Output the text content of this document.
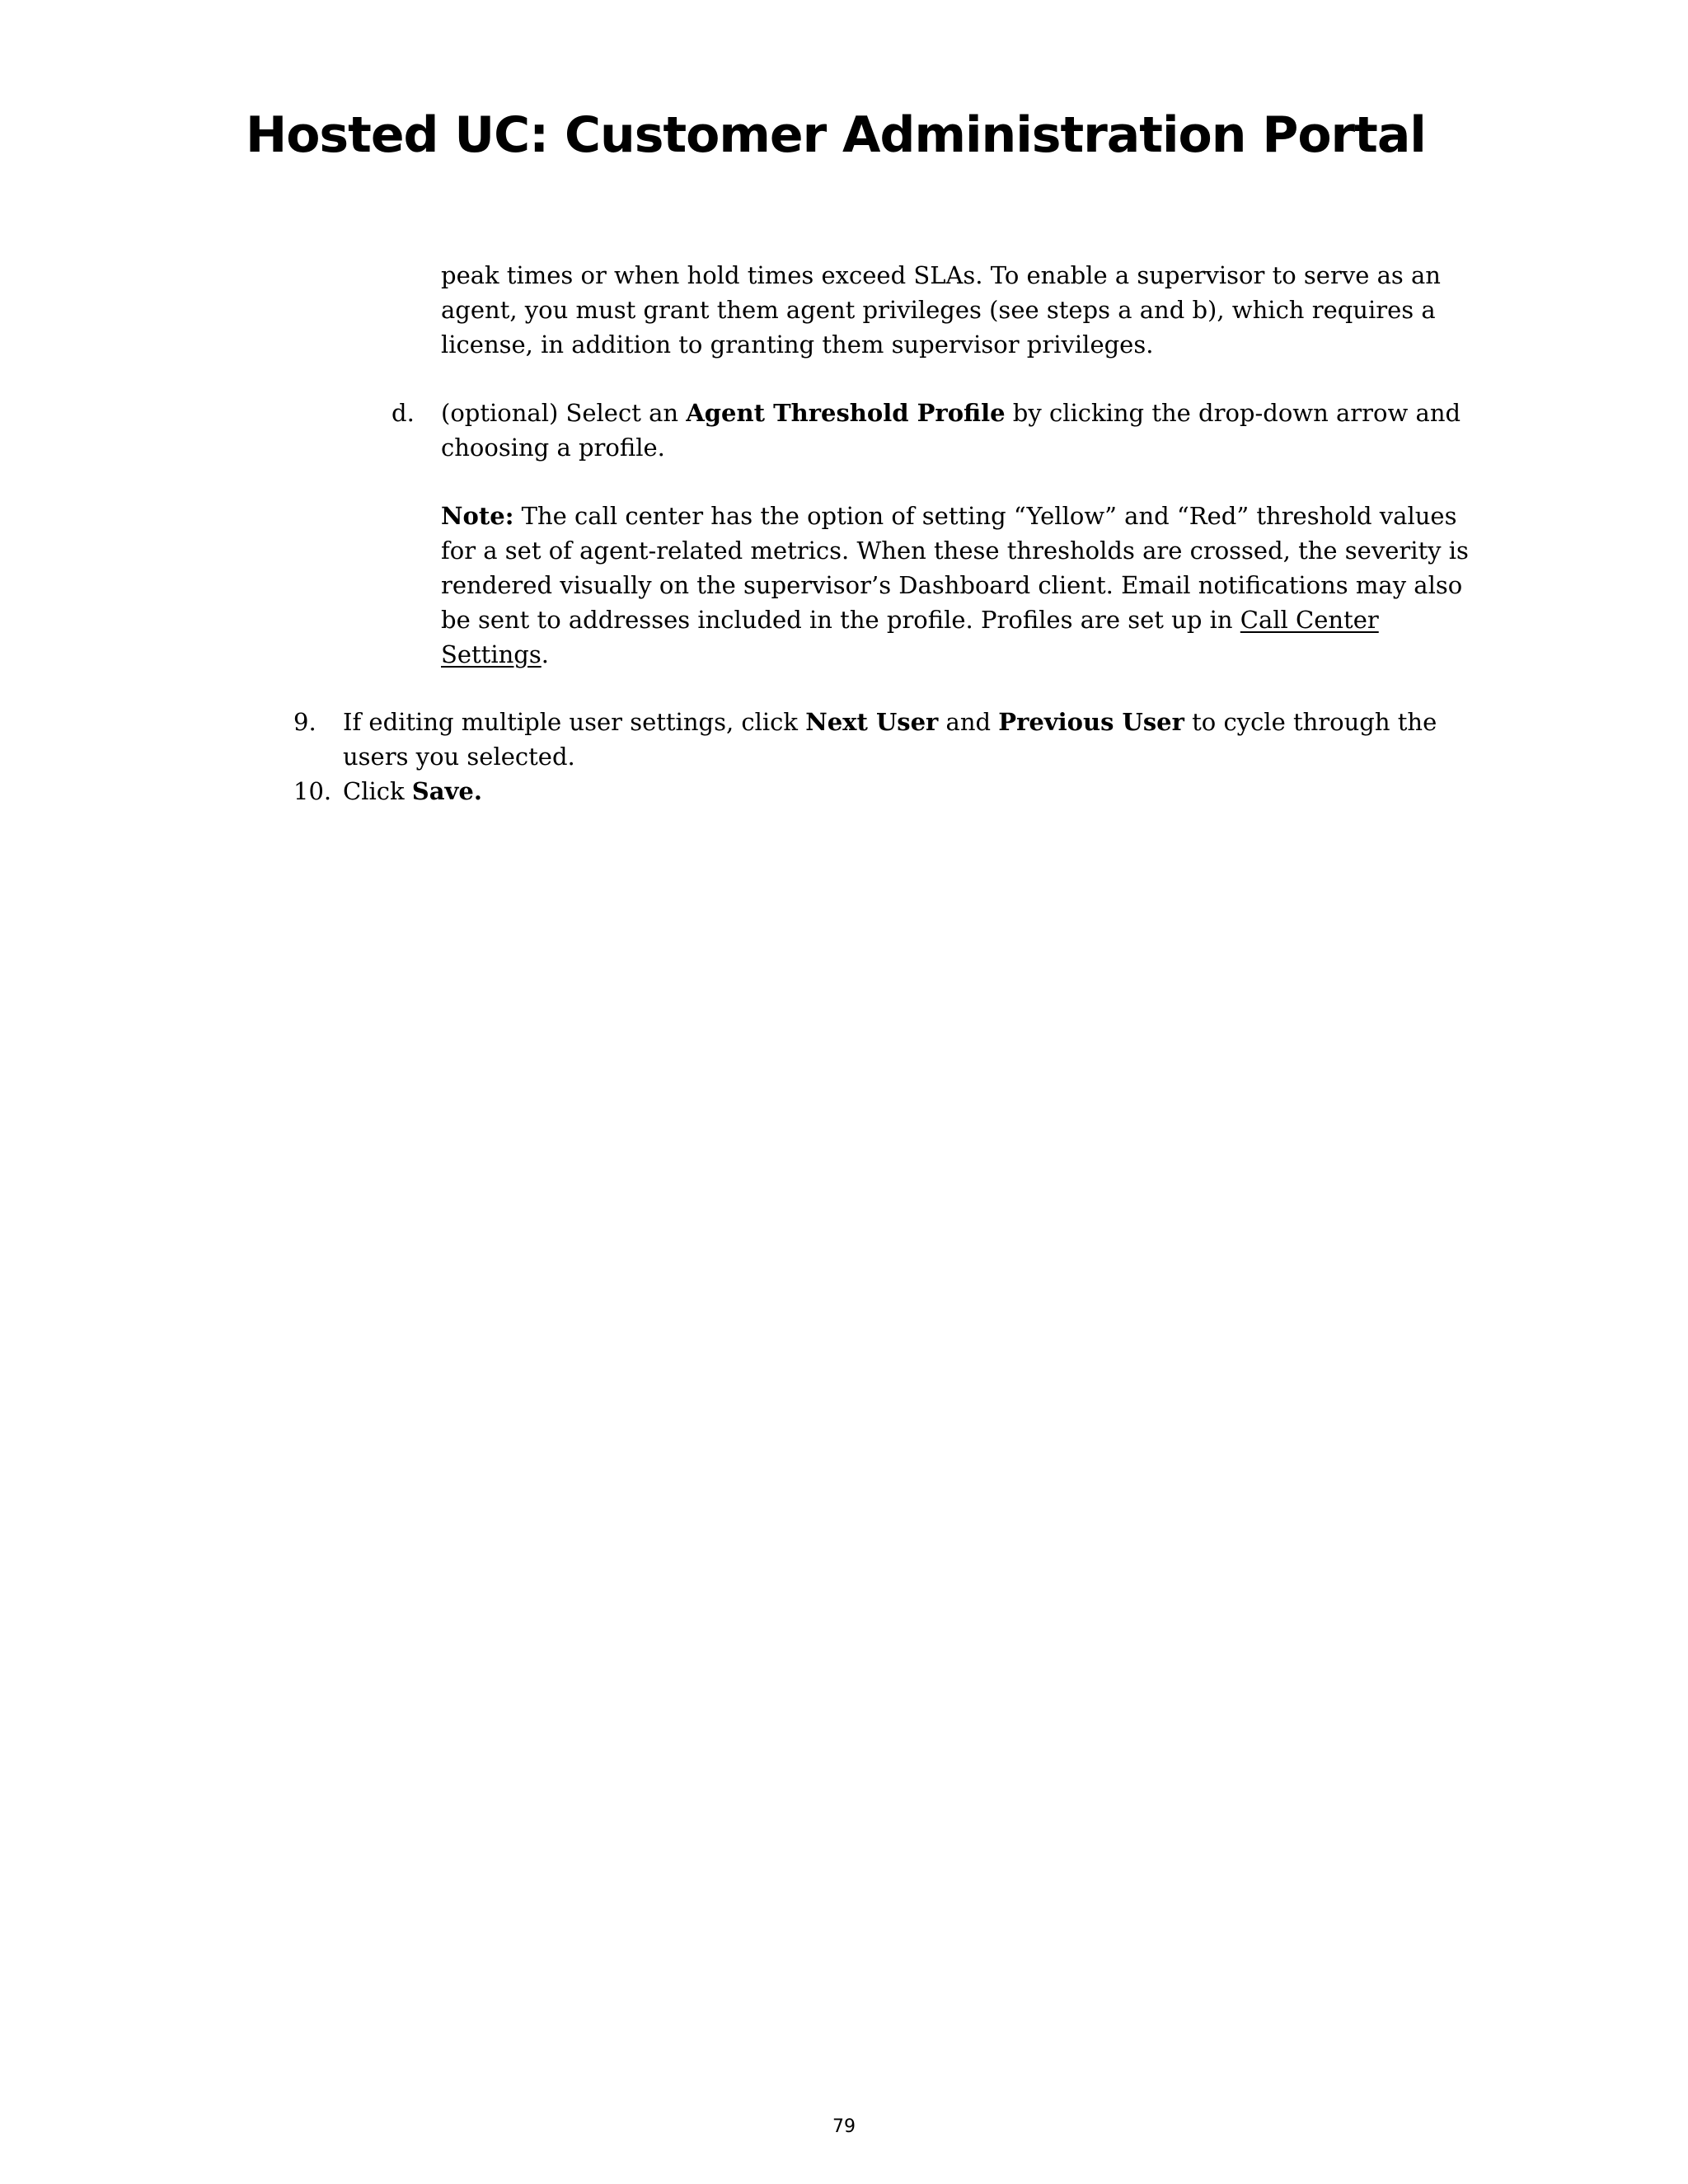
Hosted UC: Customer Administration Portal
peak times or when hold times exceed SLAs. To enable a supervisor to serve as an
agent, you must grant them agent privileges (see steps a and b), which requires a
license, in addition to granting them supervisor privileges.
d. (optional) Select an Agent Threshold Profile by clicking the drop-down arrow and
choosing a profile.
Note: The call center has the option of setting “Yellow” and “Red” threshold values
for a set of agent-related metrics. When these thresholds are crossed, the severity is
rendered visually on the supervisor’s Dashboard client. Email notifications may also
be sent to addresses included in the profile. Profiles are set up in Call Center
Settings.
9. If editing multiple user settings, click Next User and Previous User to cycle through the
users you selected.
10. Click Save.
79
